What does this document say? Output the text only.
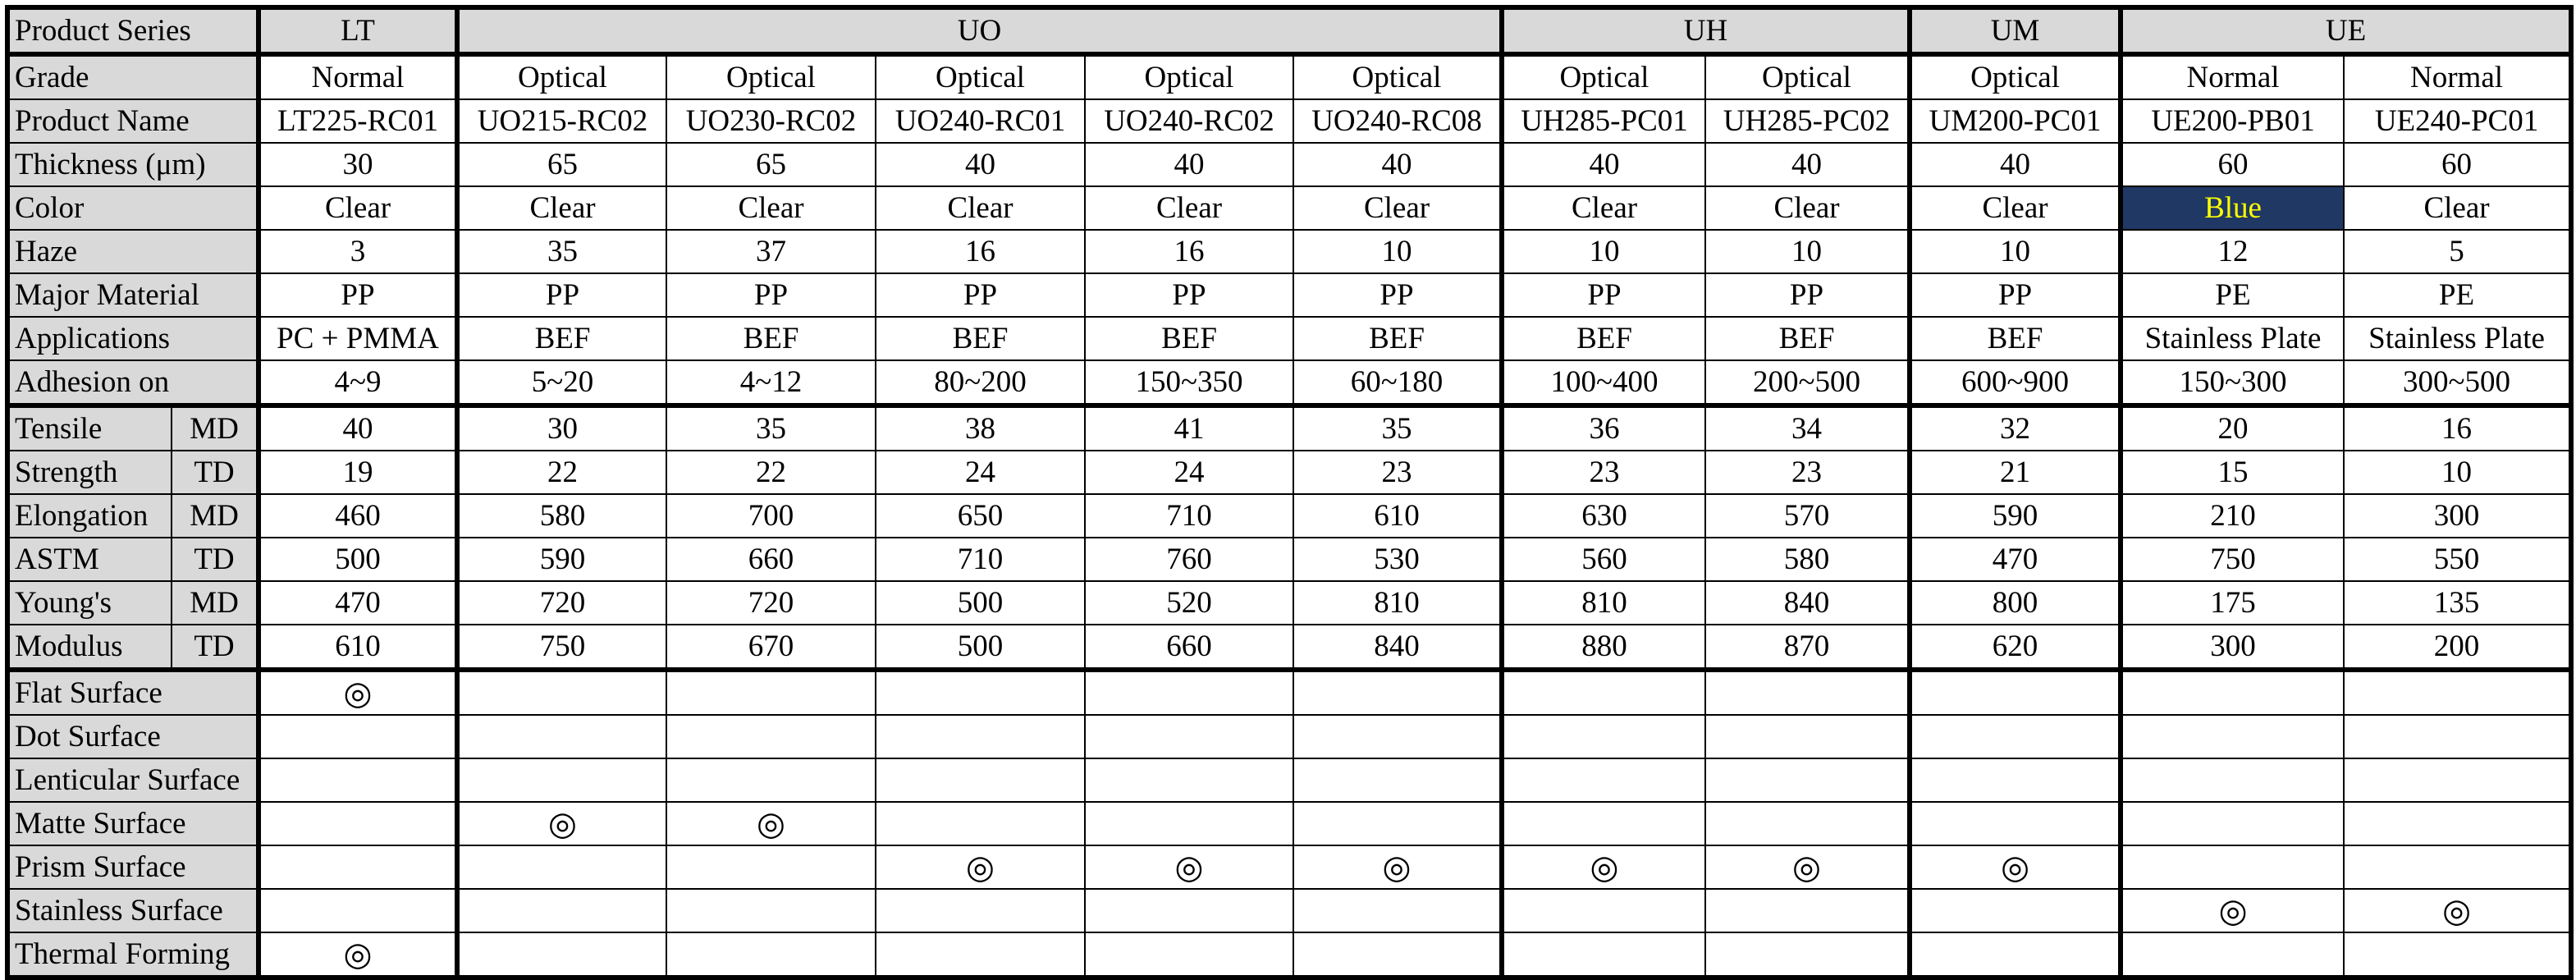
Product Series		LT	UO					UH		UM	UE	
Grade		Normal	Optical	Optical	Optical	Optical	Optical	Optical	Optical	Optical	Normal	Normal
Product Name		LT225-RC01	UO215-RC02	UO230-RC02	UO240-RC01	UO240-RC02	UO240-RC08	UH285-PC01	UH285-PC02	UM200-PC01	UE200-PB01	UE240-PC01
Thickness (μm)		30	65	65	40	40	40	40	40	40	60	60
Color		Clear	Clear	Clear	Clear	Clear	Clear	Clear	Clear	Clear	Blue	Clear
Haze		3	35	37	16	16	10	10	10	10	12	5
Major Material		PP	PP	PP	PP	PP	PP	PP	PP	PP	PE	PE
Applications		PC + PMMA	BEF	BEF	BEF	BEF	BEF	BEF	BEF	BEF	Stainless Plate	Stainless Plate
Adhesion on		4~9	5~20	4~12	80~200	150~350	60~180	100~400	200~500	600~900	150~300	300~500
Tensile	MD	40	30	35	38	41	35	36	34	32	20	16
Strength	TD	19	22	22	24	24	23	23	23	21	15	10
Elongation	MD	460	580	700	650	710	610	630	570	590	210	300
ASTM	TD	500	590	660	710	760	530	560	580	470	750	550
Young's	MD	470	720	720	500	520	810	810	840	800	175	135
Modulus	TD	610	750	670	500	660	840	880	870	620	300	200
Flat Surface		◎										
Dot Surface												
Lenticular Surface												
Matte Surface			◎	◎								
Prism Surface					◎	◎	◎	◎	◎	◎		
Stainless Surface											◎	◎
Thermal Forming		◎										
